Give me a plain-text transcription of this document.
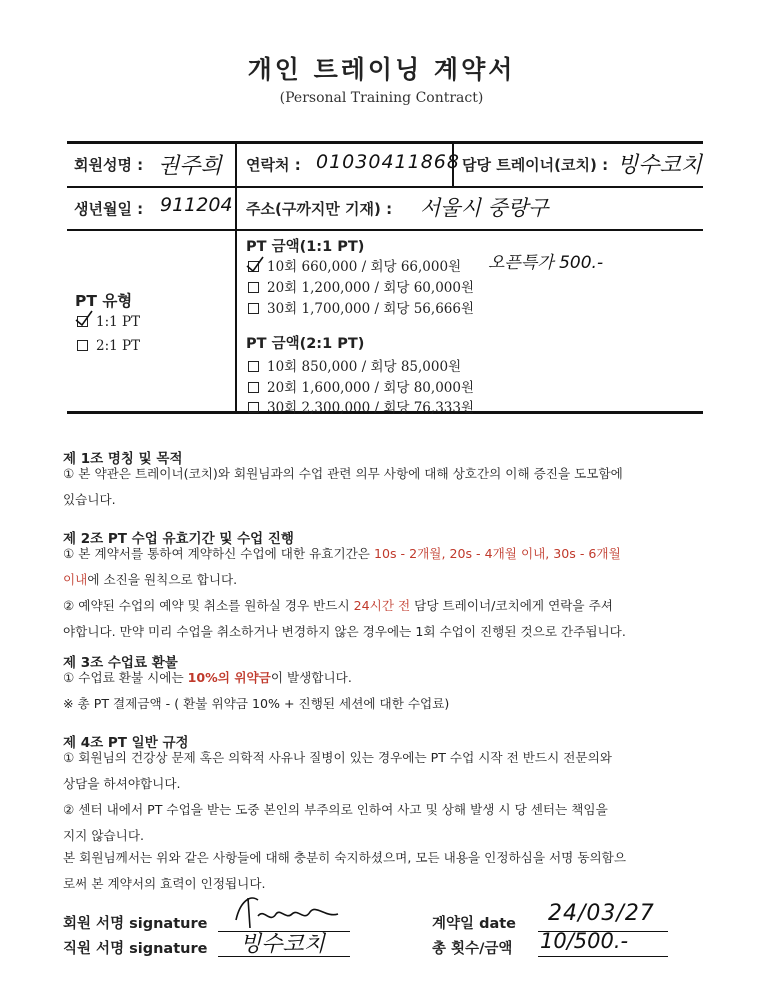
개인 트레이닝 계약서
(Personal Training Contract)
회원성명 : 권주희 연락처 : 01030411868 담당 트레이너(코치) : 빙수코치
생년월일 : 911204 주소(구까지만 기재) : 서울시 중랑구
PT 유형
1:1 PT
2:1 PT
PT 금액(1:1 PT)
10회 660,000 / 회당 66,000원
20회 1,200,000 / 회당 60,000원
30회 1,700,000 / 회당 56,666원
오픈특가 500.-
PT 금액(2:1 PT)
10회 850,000 / 회당 85,000원
20회 1,600,000 / 회당 80,000원
30회 2,300,000 / 회당 76,333원
제 1조 명칭 및 목적
① 본 약관은 트레이너(코치)와 회원님과의 수업 관련 의무 사항에 대해 상호간의 이해 증진을 도모함에
있습니다.
제 2조 PT 수업 유효기간 및 수업 진행
① 본 계약서를 통하여 계약하신 수업에 대한 유효기간은 10s - 2개월, 20s - 4개월 이내, 30s - 6개월
이내에 소진을 원칙으로 합니다.
② 예약된 수업의 예약 및 취소를 원하실 경우 반드시 24시간 전 담당 트레이너/코치에게 연락을 주셔
야합니다. 만약 미리 수업을 취소하거나 변경하지 않은 경우에는 1회 수업이 진행된 것으로 간주됩니다.
제 3조 수업료 환불
① 수업료 환불 시에는 10%의 위약금이 발생합니다.
※ 총 PT 결제금액 - ( 환불 위약금 10% + 진행된 세션에 대한 수업료)
제 4조 PT 일반 규정
① 회원님의 건강상 문제 혹은 의학적 사유나 질병이 있는 경우에는 PT 수업 시작 전 반드시 전문의와
상담을 하셔야합니다.
② 센터 내에서 PT 수업을 받는 도중 본인의 부주의로 인하여 사고 및 상해 발생 시 당 센터는 책임을
지지 않습니다.
본 회원님께서는 위와 같은 사항들에 대해 충분히 숙지하셨으며, 모든 내용을 인정하심을 서명 동의함으
로써 본 계약서의 효력이 인정됩니다.
회원 서명 signature
직원 서명 signature 빙수코치
계약일 date 24/03/27
총 횟수/금액 10/500.-
